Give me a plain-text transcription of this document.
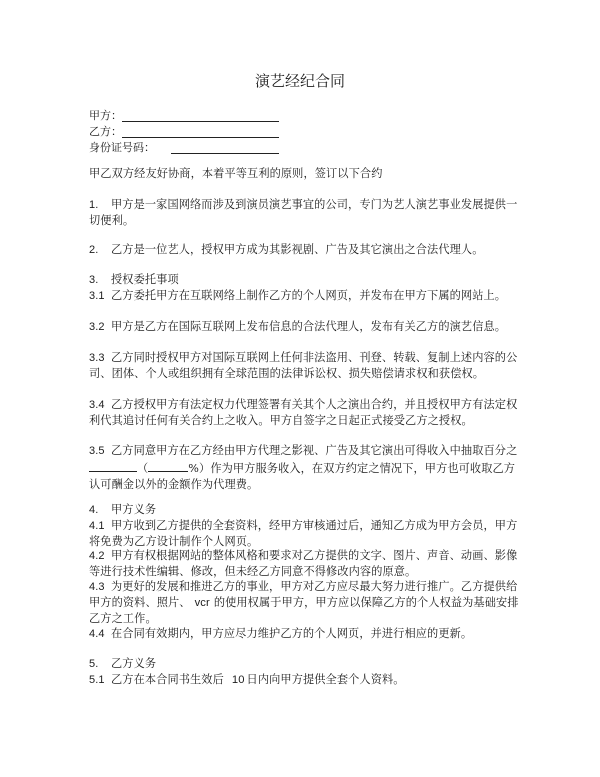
演艺经纪合同
甲方：
乙方：
身份证号码：
甲乙双方经友好协商，本着平等互利的原则，签订以下合约
1. 甲方是一家国网络而涉及到演员演艺事宜的公司，专门为艺人演艺事业发展提供一切便利。
2. 乙方是一位艺人，授权甲方成为其影视剧、广告及其它演出之合法代理人。
3. 授权委托事项
3.1 乙方委托甲方在互联网络上制作乙方的个人网页，并发布在甲方下属的网站上。
3.2 甲方是乙方在国际互联网上发布信息的合法代理人，发布有关乙方的演艺信息。
3.3 乙方同时授权甲方对国际互联网上任何非法盗用、刊登、转载、复制上述内容的公司、团体、个人或组织拥有全球范围的法律诉讼权、损失赔偿请求权和获偿权。
3.4 乙方授权甲方有法定权力代理签署有关其个人之演出合约，并且授权甲方有法定权利代其追讨任何有关合约上之收入。甲方自签字之日起正式接受乙方之授权。
3.5 乙方同意甲方在乙方经由甲方代理之影视、广告及其它演出可得收入中抽取百分之（	%）作为甲方服务收入，在双方约定之情况下，甲方也可收取乙方认可酬金以外的金额作为代理费。
4. 甲方义务
4.1 甲方收到乙方提供的全套资料，经甲方审核通过后，通知乙方成为甲方会员，甲方将免费为乙方设计制作个人网页。
4.2 甲方有权根据网站的整体风格和要求对乙方提供的文字、图片、声音、动画、影像等进行技术性编辑、修改，但未经乙方同意不得修改内容的原意。
4.3 为更好的发展和推进乙方的事业，甲方对乙方应尽最大努力进行推广。乙方提供给甲方的资料、照片、 vcr 的使用权属于甲方，甲方应以保障乙方的个人权益为基础安排乙方之工作。
4.4 在合同有效期内，甲方应尽力维护乙方的个人网页，并进行相应的更新。
5. 乙方义务
5.1 乙方在本合同书生效后 10 日内向甲方提供全套个人资料。
